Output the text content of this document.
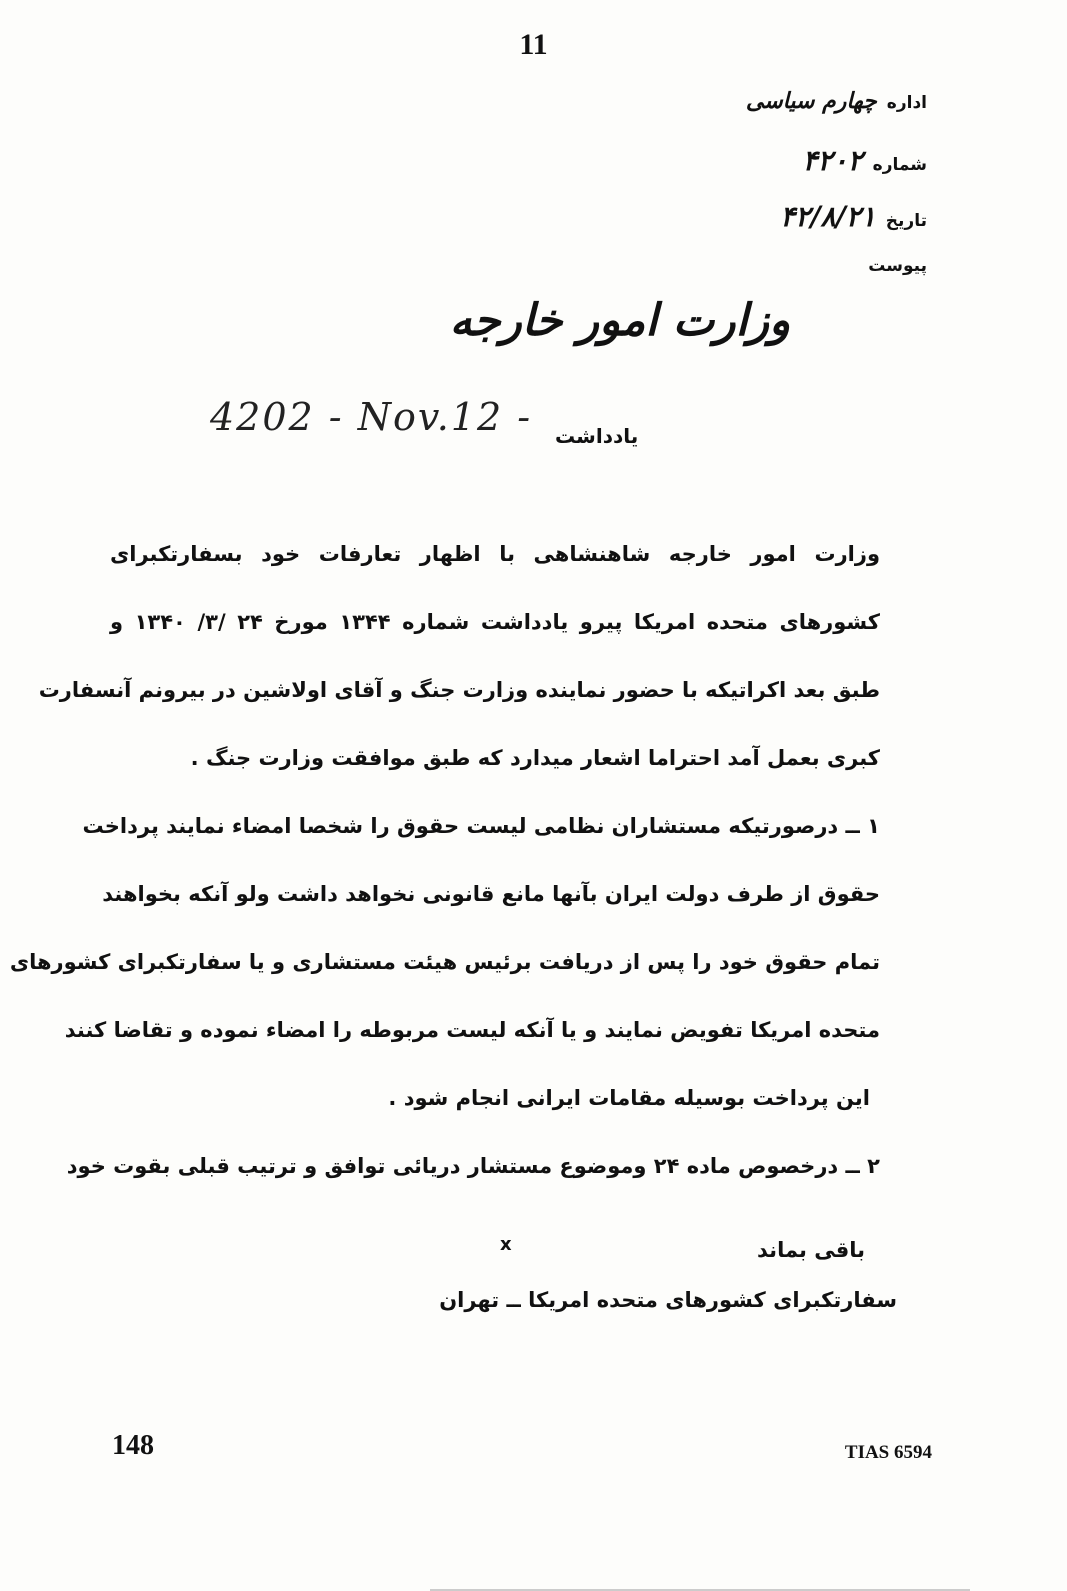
11
اداره
چهارم سیاسی
شماره
۴۲۰۲
تاریخ
۴۲/۸/۲۱
پیوست
وزارت امور خارجه
4202 - Nov.12 - یادداشت
وزارت امور خارجه شاهنشاهی با اظهار تعارفات خود بسفارتکبرای
کشورهای متحده امریکا پیرو یادداشت شماره ۱۳۴۴ مورخ ۲۴ /۳/ ۱۳۴۰ و
طبق بعد اکراتیکه با حضور نماینده وزارت جنگ و آقای اولاشین در بیرونم آنسفارت
کبری بعمل آمد احتراما اشعار میدارد که طبق موافقت وزارت جنگ .
۱ ــ درصورتیکه مستشاران نظامی لیست حقوق را شخصا امضاء نمایند پرداخت
حقوق از طرف دولت ایران بآنها مانع قانونی نخواهد داشت ولو آنکه بخواهند
تمام حقوق خود را پس از دریافت برئیس هیئت مستشاری و یا سفارتکبرای کشورهای
متحده امریکا تفویض نمایند و یا آنکه لیست مربوطه را امضاء نموده و تقاضا کنند
این پرداخت بوسیله مقامات ایرانی انجام شود .
۲ ــ درخصوص ماده ۲۴ وموضوع مستشار دریائی توافق و ترتیب قبلی بقوت خود
باقی بماند
x
سفارتکبرای کشورهای متحده امریکا ــ تهران
148	TIAS 6594
